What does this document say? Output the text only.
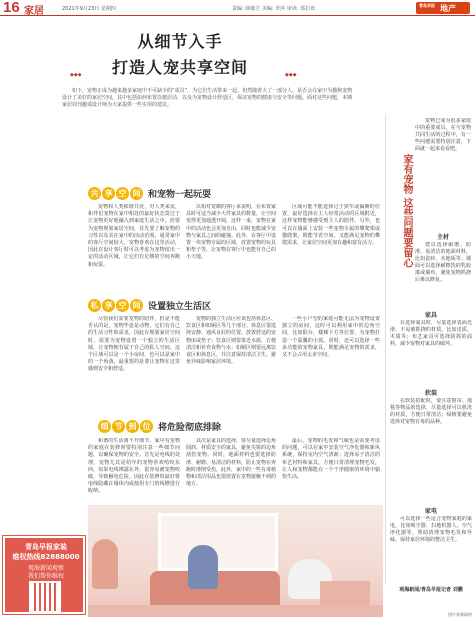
16 家居	2021年9月23日 星期四	责编: 薛敏方 美编: 李萍 审读: 郑启欢
青岛早报 地产
从细节入手
打造人宠共享空间
◆◆◆	◆◆◆

如下，宠物正成为越来越多家庭中不可缺少的“成员”，为它们生活带来一起。但然随着大了一部分人，是否会在家中为猫狗宠物设计了美好的家居空间，其中包括如何布置以便居动，以及为宠物设计舒适区，保证宠物的健康与安全等问题。面对这些问题，本期家居周刊邀请设计师为大家提供一些实用的建议。

共 享 空 间 和宠物一起玩耍

宠物和人类和谐共处，对人类来说，和伴侣宠物在家中相处的最好状态莫过于让宠物更好地融入到家庭生活之中。但要为宠物规划家居空间，首先要了解宠物的习性以及其在家中的活动范围。通常家中的客厅空间较大，宠物喜欢在这里活动，因此在设计客厅时可以考虑为宠物留出一定的活动区域，让它们有足够的空间奔跑和玩耍。

以相对宽敞的客厅来说明，在布置家具时可适当减少大件家具的数量，让空间变得更加通透开阔，这样一来，宠物在家中的活动也会更加自由，同时也能减少宠物与家具之间的碰撞。此外，在客厅中设置一块宠物专属的区域，放置宠物的玩具和垫子等，让宠物在客厅中也能有自己的小天地。

区域可能不能选择过于狭窄或偏僻的位置，最好选择在主人经常活动的区域附近，这样宠物能够感受到主人的陪伴。另外，也可以在墙面上安装一些宠物专属的攀爬架或猫爬架，既能节省空间，又能满足宠物的攀爬需求，让家居空间更加有趣和富有活力。

私 享 空 间 设置独立生活区

尽管我们需要宠物的陪伴，但是不能否认的是，宠物毕竟是动物，它们有自己的生活习性和需求。因此在规划家居空间时，需要为宠物设置一个独立的生活区域，让宠物拥有属于自己的私人空间。这个区域可以是一个小房间，也可以是家中的一个角落，最重要的是要让宠物在这里感到安全和舒适。

宠物的独立生活区应该包括休息区、饮食区和如厕区等几个部分。休息区要选择安静、通风良好的位置，放置舒适的宠物床或垫子；饮食区则要靠近水源，方便清洁和补充食物与水；如厕区则要远离饮食区和休息区，并注意保持清洁卫生，避免异味影响家居环境。

一些小户型的家庭可能无法为宠物设置独立的房间，这时可以利用家中的边角空间，比如阳台、楼梯下方等位置，为宠物打造一个温馨的小窝。同时，还可以选择一些多功能的宠物家具，既能满足宠物的需求，又不会占用太多空间。

细 节 到 位 将危险彻底排除

和谐的生活离不开细节，家中有宠物的家庭在装修时要特别注意一些细节问题，以确保宠物的安全。首先是电线的处理，宠物尤其是幼年的宠物喜欢啃咬东西，如果电线裸露在外，很容易被宠物咬破，导致触电危险。因此在装修时最好将电线隐藏在墙体内或使用专门的线槽进行收纳。

其次是家具的选择，要尽量选择边角圆润、材质安全的家具，避免尖锐的边角刮伤宠物。同时，地面材料也要选择防滑、耐磨、易清洁的材料，防止宠物在奔跑时滑倒受伤。此外，家中的一些有毒植物和清洁用品也要放置在宠物接触不到的地方。

最后，宠物的毛发和气味也是需要考虑的问题。可以在家中安装空气净化器和新风系统，保持室内空气清新；选择易于清洁的布艺材料和家具，方便日常清理宠物毛发，让人和宠物都能在一个干净健康的环境中愉快生活。

青岛早报家装
维权热线82888000
观海新闻观察
我们帮你维权
家有宠物 这些问题要留心

宠物已成为很多家庭中的重要成员，在与宠物共同生活的过程中，有一些问题需要特别注意，下面就一起来看看吧。

主材

建议选择耐磨、防滑、易清洁的地面材料，比如瓷砖、木地板等；墙面可以选择耐擦洗的乳胶漆或墙布，避免宠物抓挠后难以修复。

家具

在选择家具时，尽量选择表面光滑、不易被抓挠的材质，比如皮质、木质等；布艺家具可选择防抓的面料，减少宠物对家具的破坏。

软装

在软装搭配时，要注意窗帘、地毯等物品的选择，尽量选择可以机洗的材质，方便日常清洁；绿植要避免选择对宠物有毒的品种。

家电

可以选择一些适合宠物家庭的家电，比如吸尘器、扫地机器人、空气净化器等，帮助清理宠物毛发和异味，保持家居环境的整洁卫生。

观海新闻/青岛早报记者 刘鹏
图片来源网络
